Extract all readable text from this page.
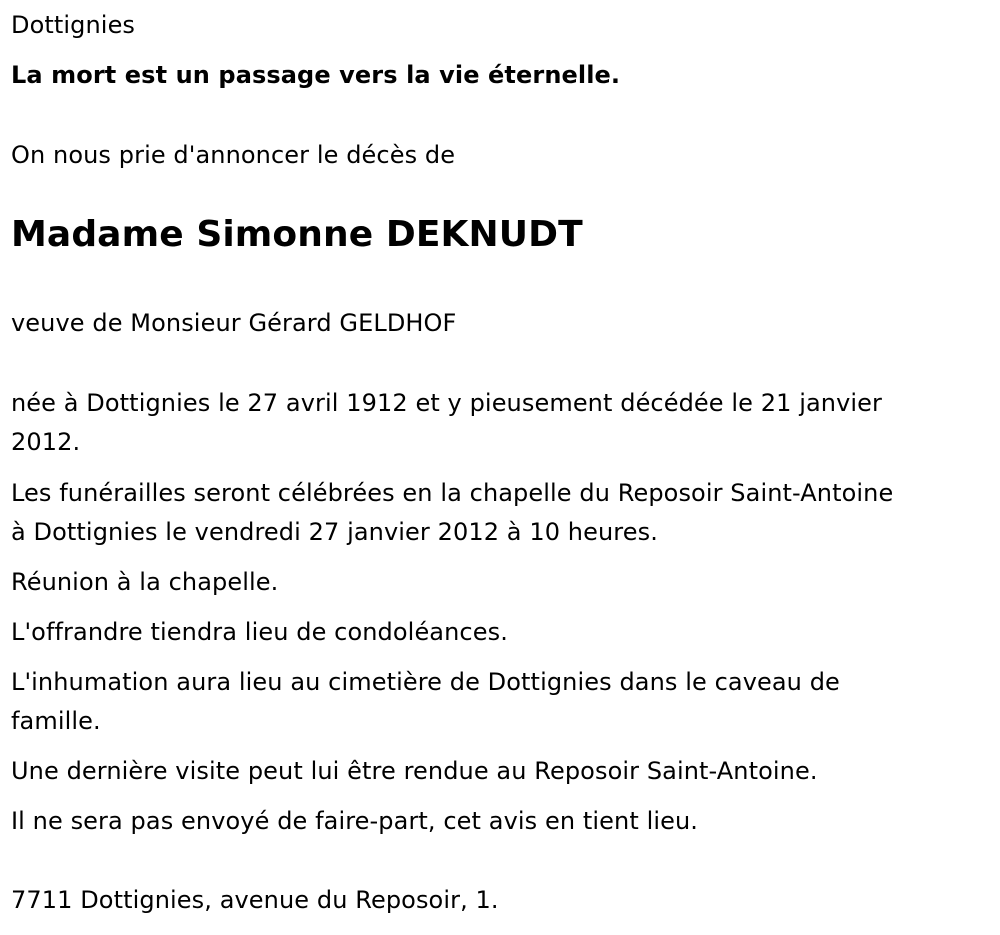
Dottignies
La mort est un passage vers la vie éternelle.
On nous prie d'annoncer le décès de
Madame Simonne DEKNUDT
veuve de Monsieur Gérard GELDHOF
née à Dottignies le 27 avril 1912 et y pieusement décédée le 21 janvier
2012.
Les funérailles seront célébrées en la chapelle du Reposoir Saint-Antoine
à Dottignies le vendredi 27 janvier 2012 à 10 heures.
Réunion à la chapelle.
L'offrandre tiendra lieu de condoléances.
L'inhumation aura lieu au cimetière de Dottignies dans le caveau de
famille.
Une dernière visite peut lui être rendue au Reposoir Saint-Antoine.
Il ne sera pas envoyé de faire-part, cet avis en tient lieu.
7711 Dottignies, avenue du Reposoir, 1.
